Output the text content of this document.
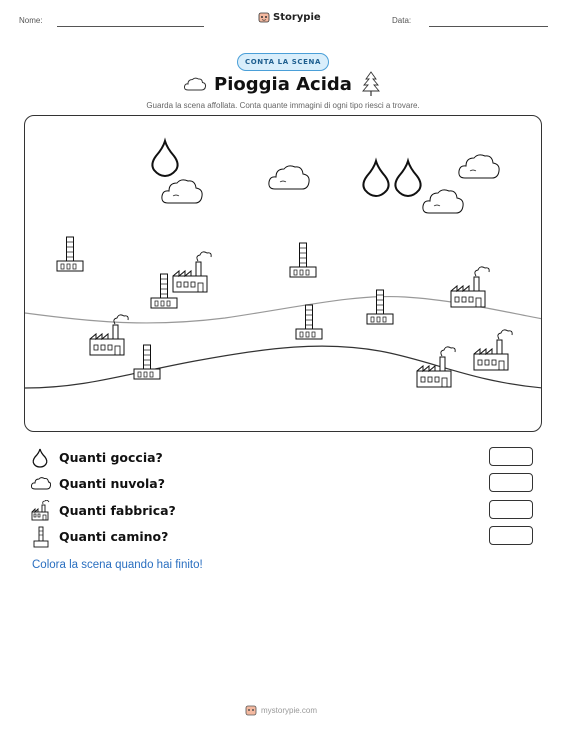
Nome:	Storypie	Data:
CONTA LA SCENA
Pioggia Acida
Guarda la scena affollata. Conta quante immagini di ogni tipo riesci a trovare.
Quanti goccia?
Quanti nuvola?
Quanti fabbrica?
Quanti camino?
Colora la scena quando hai finito!
mystorypie.com
